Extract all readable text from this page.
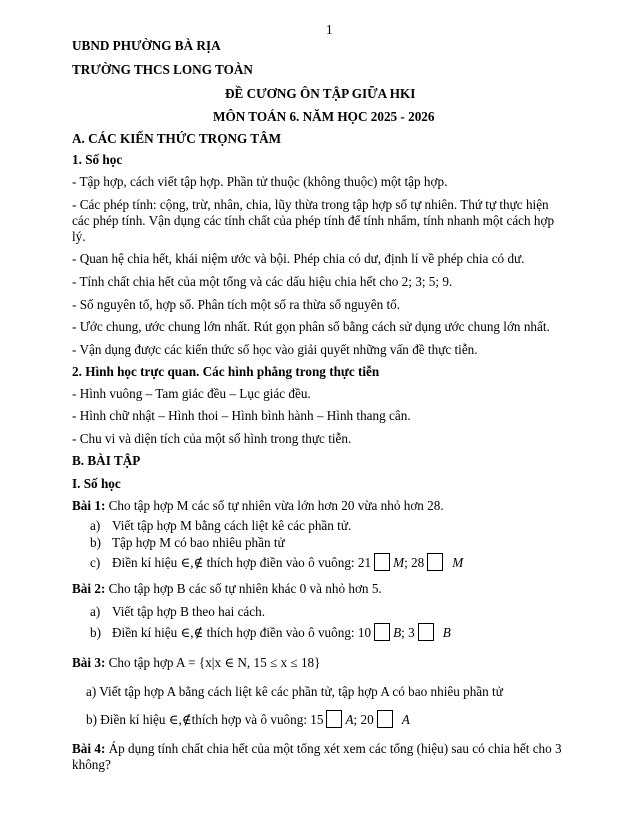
1
UBND PHƯỜNG BÀ RỊA
TRƯỜNG THCS LONG TOÀN
ĐỀ CƯƠNG ÔN TẬP GIỮA HKI
MÔN TOÁN 6. NĂM HỌC 2025 - 2026
A. CÁC KIẾN THỨC TRỌNG TÂM
1. Số học
- Tập hợp, cách viết tập hợp. Phần tử thuộc (không thuộc) một tập hợp.
- Các phép tính: cộng, trừ, nhân, chia, lũy thừa trong tập hợp số tự nhiên. Thứ tự thực hiện
các phép tính. Vận dụng các tính chất của phép tính để tính nhẩm, tính nhanh một cách hợp
lý.
- Quan hệ chia hết, khái niệm ước và bội. Phép chia có dư, định lí về phép chia có dư.
- Tính chất chia hết của một tổng và các dấu hiệu chia hết cho 2; 3; 5; 9.
- Số nguyên tố, hợp số. Phân tích một số ra thừa số nguyên tố.
- Ước chung, ước chung lớn nhất. Rút gọn phân số bằng cách sử dụng ước chung lớn nhất.
- Vận dụng được các kiến thức số học vào giải quyết những vấn đề thực tiễn.
2. Hình học trực quan. Các hình phẳng trong thực tiễn
- Hình vuông – Tam giác đều – Lục giác đều.
- Hình chữ nhật – Hình thoi – Hình bình hành – Hình thang cân.
- Chu vi và diện tích của một số hình trong thực tiễn.
B. BÀI TẬP
I. Số học
Bài 1: Cho tập hợp M các số tự nhiên vừa lớn hơn 20 vừa nhỏ hơn 28.
a) Viết tập hợp M bằng cách liệt kê các phần tử.
b) Tập hợp M có bao nhiêu phần tử
c) Điền kí hiệu ∈,∉ thích hợp điền vào ô vuông: 21 M; 28 M
Bài 2: Cho tập hợp B các số tự nhiên khác 0 và nhỏ hơn 5.
a) Viết tập hợp B theo hai cách.
b) Điền kí hiệu ∈,∉ thích hợp điền vào ô vuông: 10 B; 3 B
Bài 3: Cho tập hợp A = {x|x ∈ N, 15 ≤ x ≤ 18}
a) Viết tập hợp A bằng cách liệt kê các phần tử, tập hợp A có bao nhiêu phần tử
b) Điền kí hiệu ∈,∉thích hợp và ô vuông: 15 A; 20 A
Bài 4: Áp dụng tính chất chia hết của một tổng xét xem các tổng (hiệu) sau có chia hết cho 3
không?
